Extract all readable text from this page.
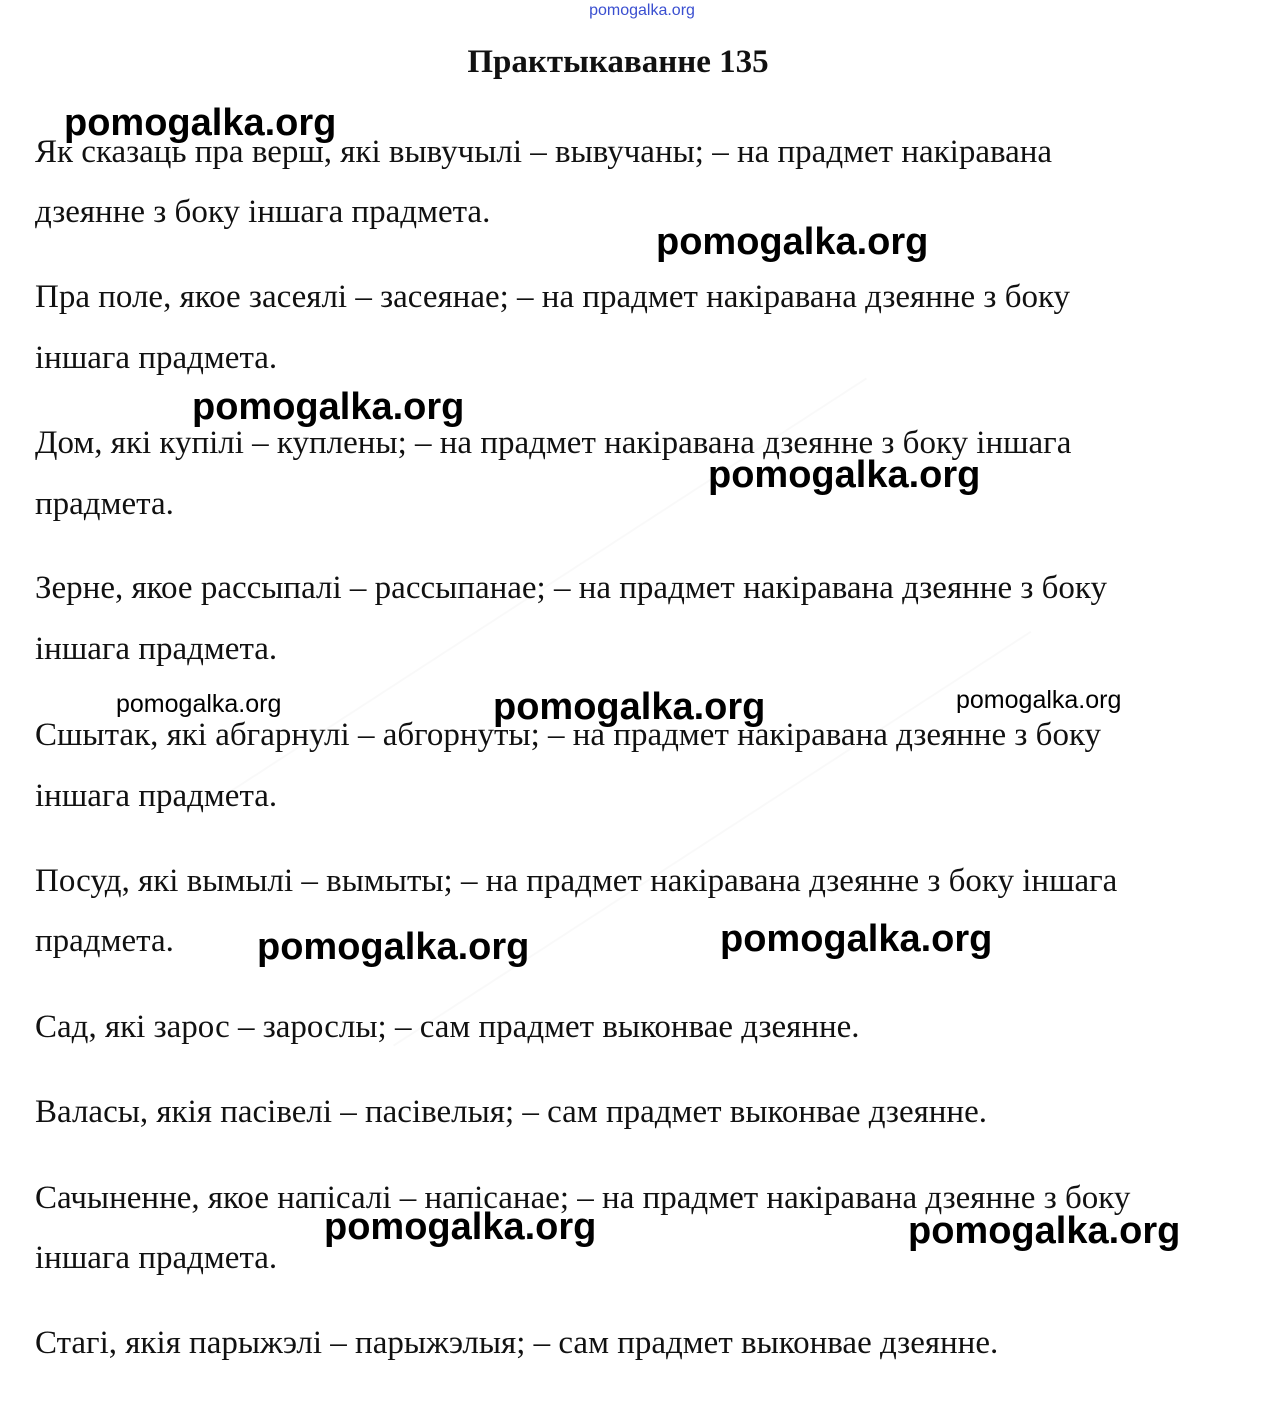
pomogalka.org
Практыкаванне 135
Як сказаць пра верш, які вывучылі – вывучаны; – на прадмет накіравана
дзеянне з боку іншага прадмета.
Пра поле, якое засеялі – засеянае; – на прадмет накіравана дзеянне з боку
іншага прадмета.
Дом, які купілі – куплены; – на прадмет накіравана дзеянне з боку іншага
прадмета.
Зерне, якое рассыпалі – рассыпанае; – на прадмет накіравана дзеянне з боку
іншага прадмета.
Сшытак, які абгарнулі – абгорнуты; – на прадмет накіравана дзеянне з боку
іншага прадмета.
Посуд, які вымылі – вымыты; – на прадмет накіравана дзеянне з боку іншага
прадмета.
Сад, які зарос – зарослы; – сам прадмет выконвае дзеянне.
Валасы, якія пасівелі – пасівелыя; – сам прадмет выконвае дзеянне.
Сачыненне, якое напісалі – напісанае; – на прадмет накіравана дзеянне з боку
іншага прадмета.
Стагі, якія парыжэлі – парыжэлыя; – сам прадмет выконвае дзеянне.
pomogalka.org
pomogalka.org
pomogalka.org
pomogalka.org
pomogalka.org	pomogalka.org	pomogalka.org
pomogalka.org	pomogalka.org
pomogalka.org	pomogalka.org
